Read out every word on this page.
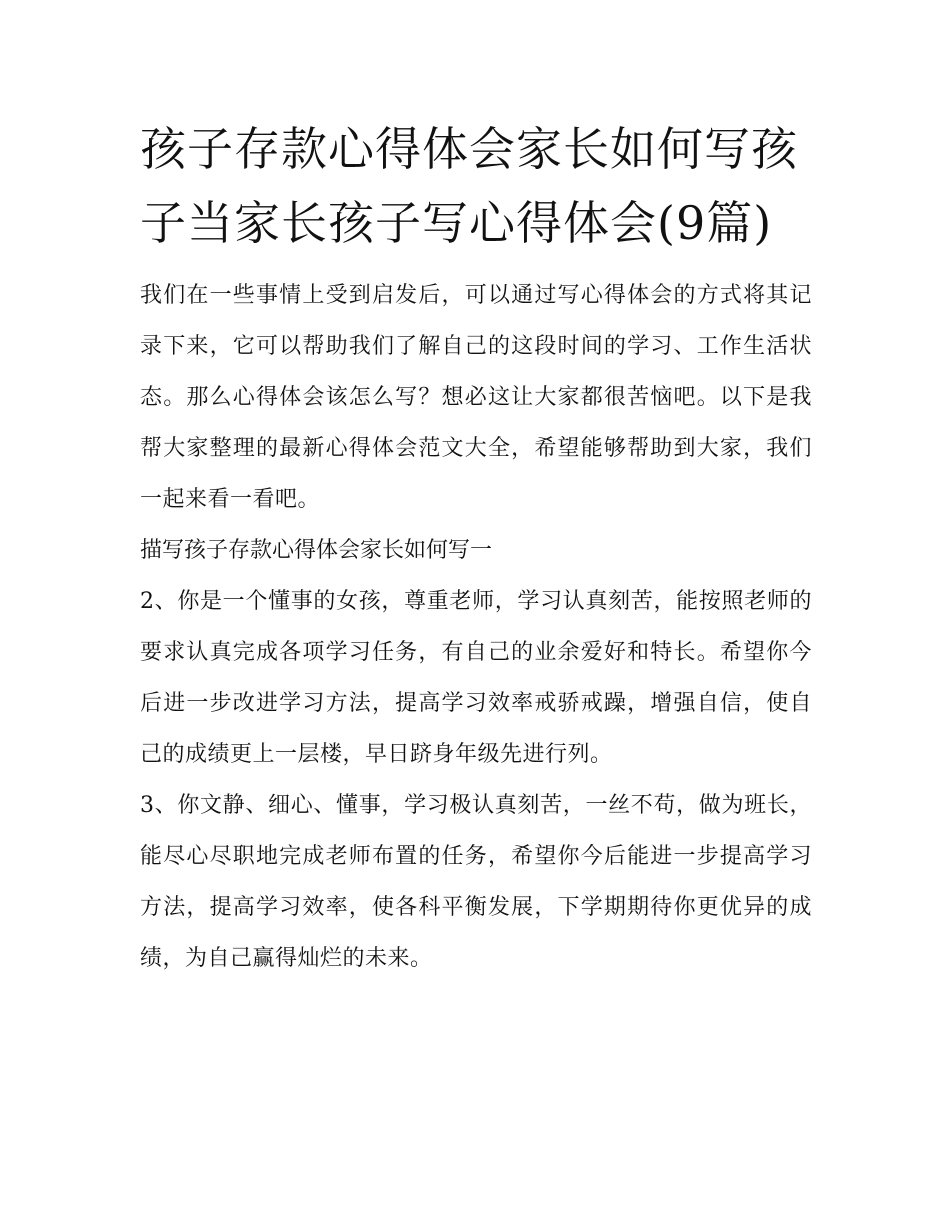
孩子存款心得体会家长如何写孩子当家长孩子写心得体会(9篇)

我们在一些事情上受到启发后，可以通过写心得体会的方式将其记录下来，它可以帮助我们了解自己的这段时间的学习、工作生活状态。那么心得体会该怎么写？想必这让大家都很苦恼吧。以下是我帮大家整理的最新心得体会范文大全，希望能够帮助到大家，我们一起来看一看吧。

描写孩子存款心得体会家长如何写一

2、你是一个懂事的女孩，尊重老师，学习认真刻苦，能按照老师的要求认真完成各项学习任务，有自己的业余爱好和特长。希望你今后进一步改进学习方法，提高学习效率戒骄戒躁，增强自信，使自己的成绩更上一层楼，早日跻身年级先进行列。

3、你文静、细心、懂事，学习极认真刻苦，一丝不苟，做为班长，能尽心尽职地完成老师布置的任务，希望你今后能进一步提高学习方法，提高学习效率，使各科平衡发展，下学期期待你更优异的成绩，为自己赢得灿烂的未来。
